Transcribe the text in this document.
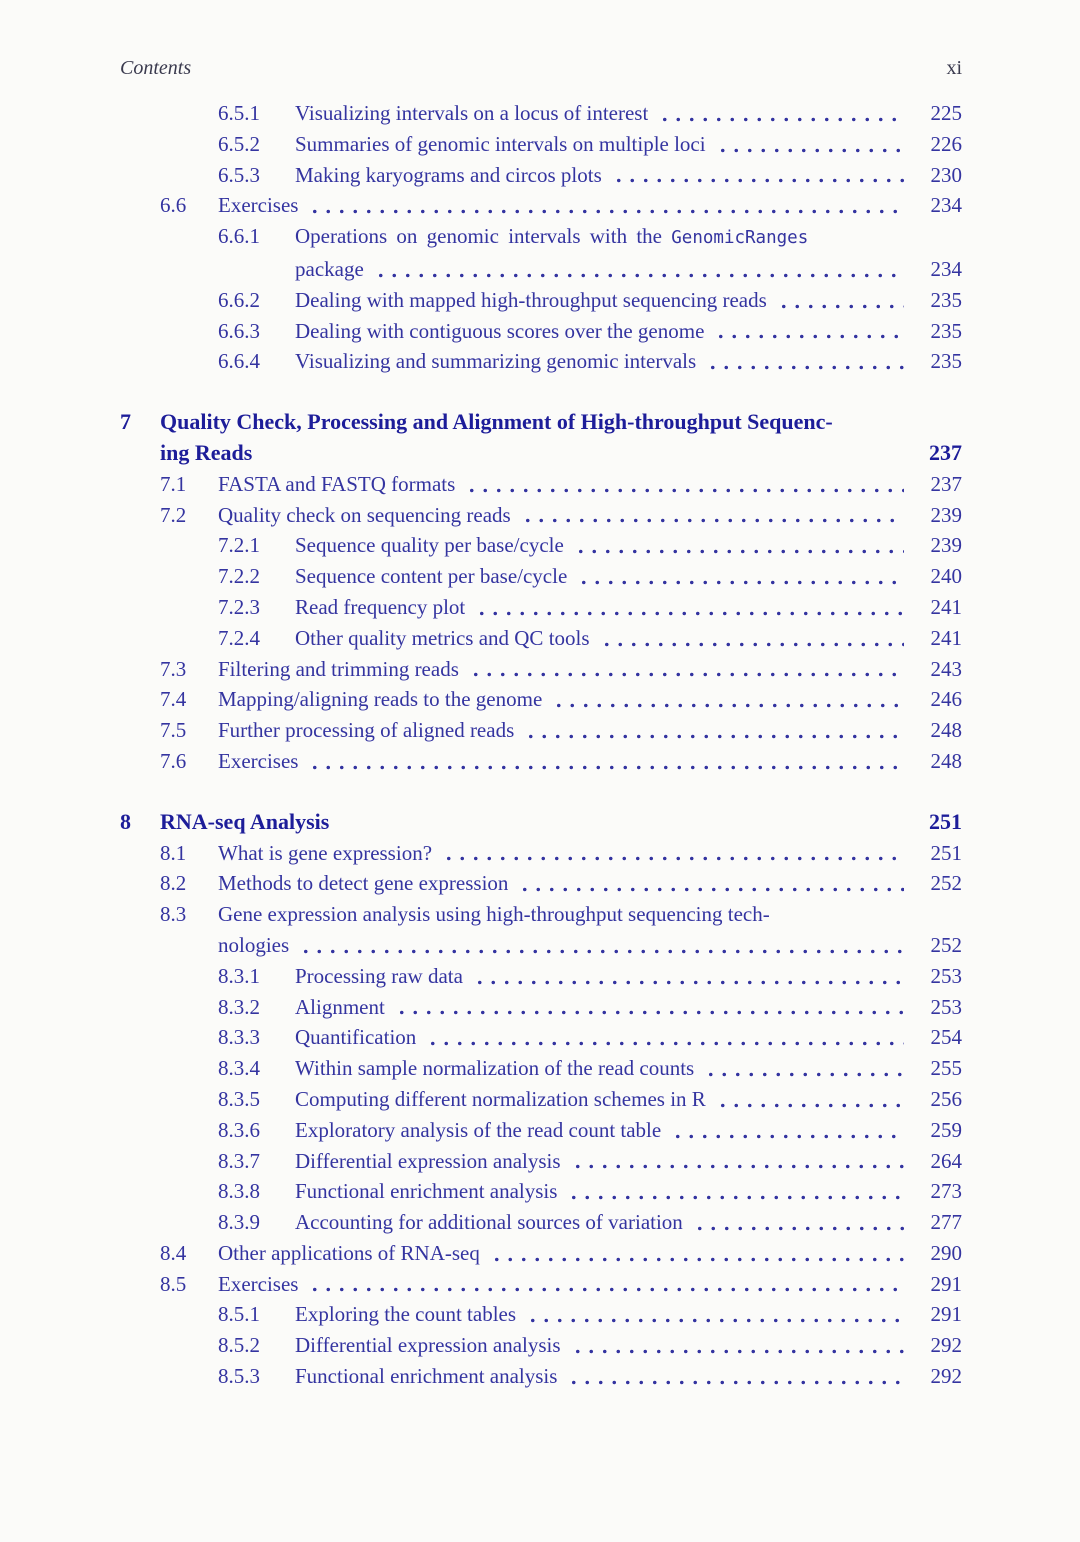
Contents	xi
6.5.1	Visualizing intervals on a locus of interest	225
6.5.2	Summaries of genomic intervals on multiple loci	226
6.5.3	Making karyograms and circos plots	230
6.6	Exercises	234
6.6.1	Operations on genomic intervals with the GenomicRanges
package	234
6.6.2	Dealing with mapped high-throughput sequencing reads	235
6.6.3	Dealing with contiguous scores over the genome	235
6.6.4	Visualizing and summarizing genomic intervals	235
7	Quality Check, Processing and Alignment of High-throughput Sequenc-
ing Reads	237
7.1	FASTA and FASTQ formats	237
7.2	Quality check on sequencing reads	239
7.2.1	Sequence quality per base/cycle	239
7.2.2	Sequence content per base/cycle	240
7.2.3	Read frequency plot	241
7.2.4	Other quality metrics and QC tools	241
7.3	Filtering and trimming reads	243
7.4	Mapping/aligning reads to the genome	246
7.5	Further processing of aligned reads	248
7.6	Exercises	248
8	RNA-seq Analysis	251
8.1	What is gene expression?	251
8.2	Methods to detect gene expression	252
8.3	Gene expression analysis using high-throughput sequencing tech-
nologies	252
8.3.1	Processing raw data	253
8.3.2	Alignment	253
8.3.3	Quantification	254
8.3.4	Within sample normalization of the read counts	255
8.3.5	Computing different normalization schemes in R	256
8.3.6	Exploratory analysis of the read count table	259
8.3.7	Differential expression analysis	264
8.3.8	Functional enrichment analysis	273
8.3.9	Accounting for additional sources of variation	277
8.4	Other applications of RNA-seq	290
8.5	Exercises	291
8.5.1	Exploring the count tables	291
8.5.2	Differential expression analysis	292
8.5.3	Functional enrichment analysis	292
